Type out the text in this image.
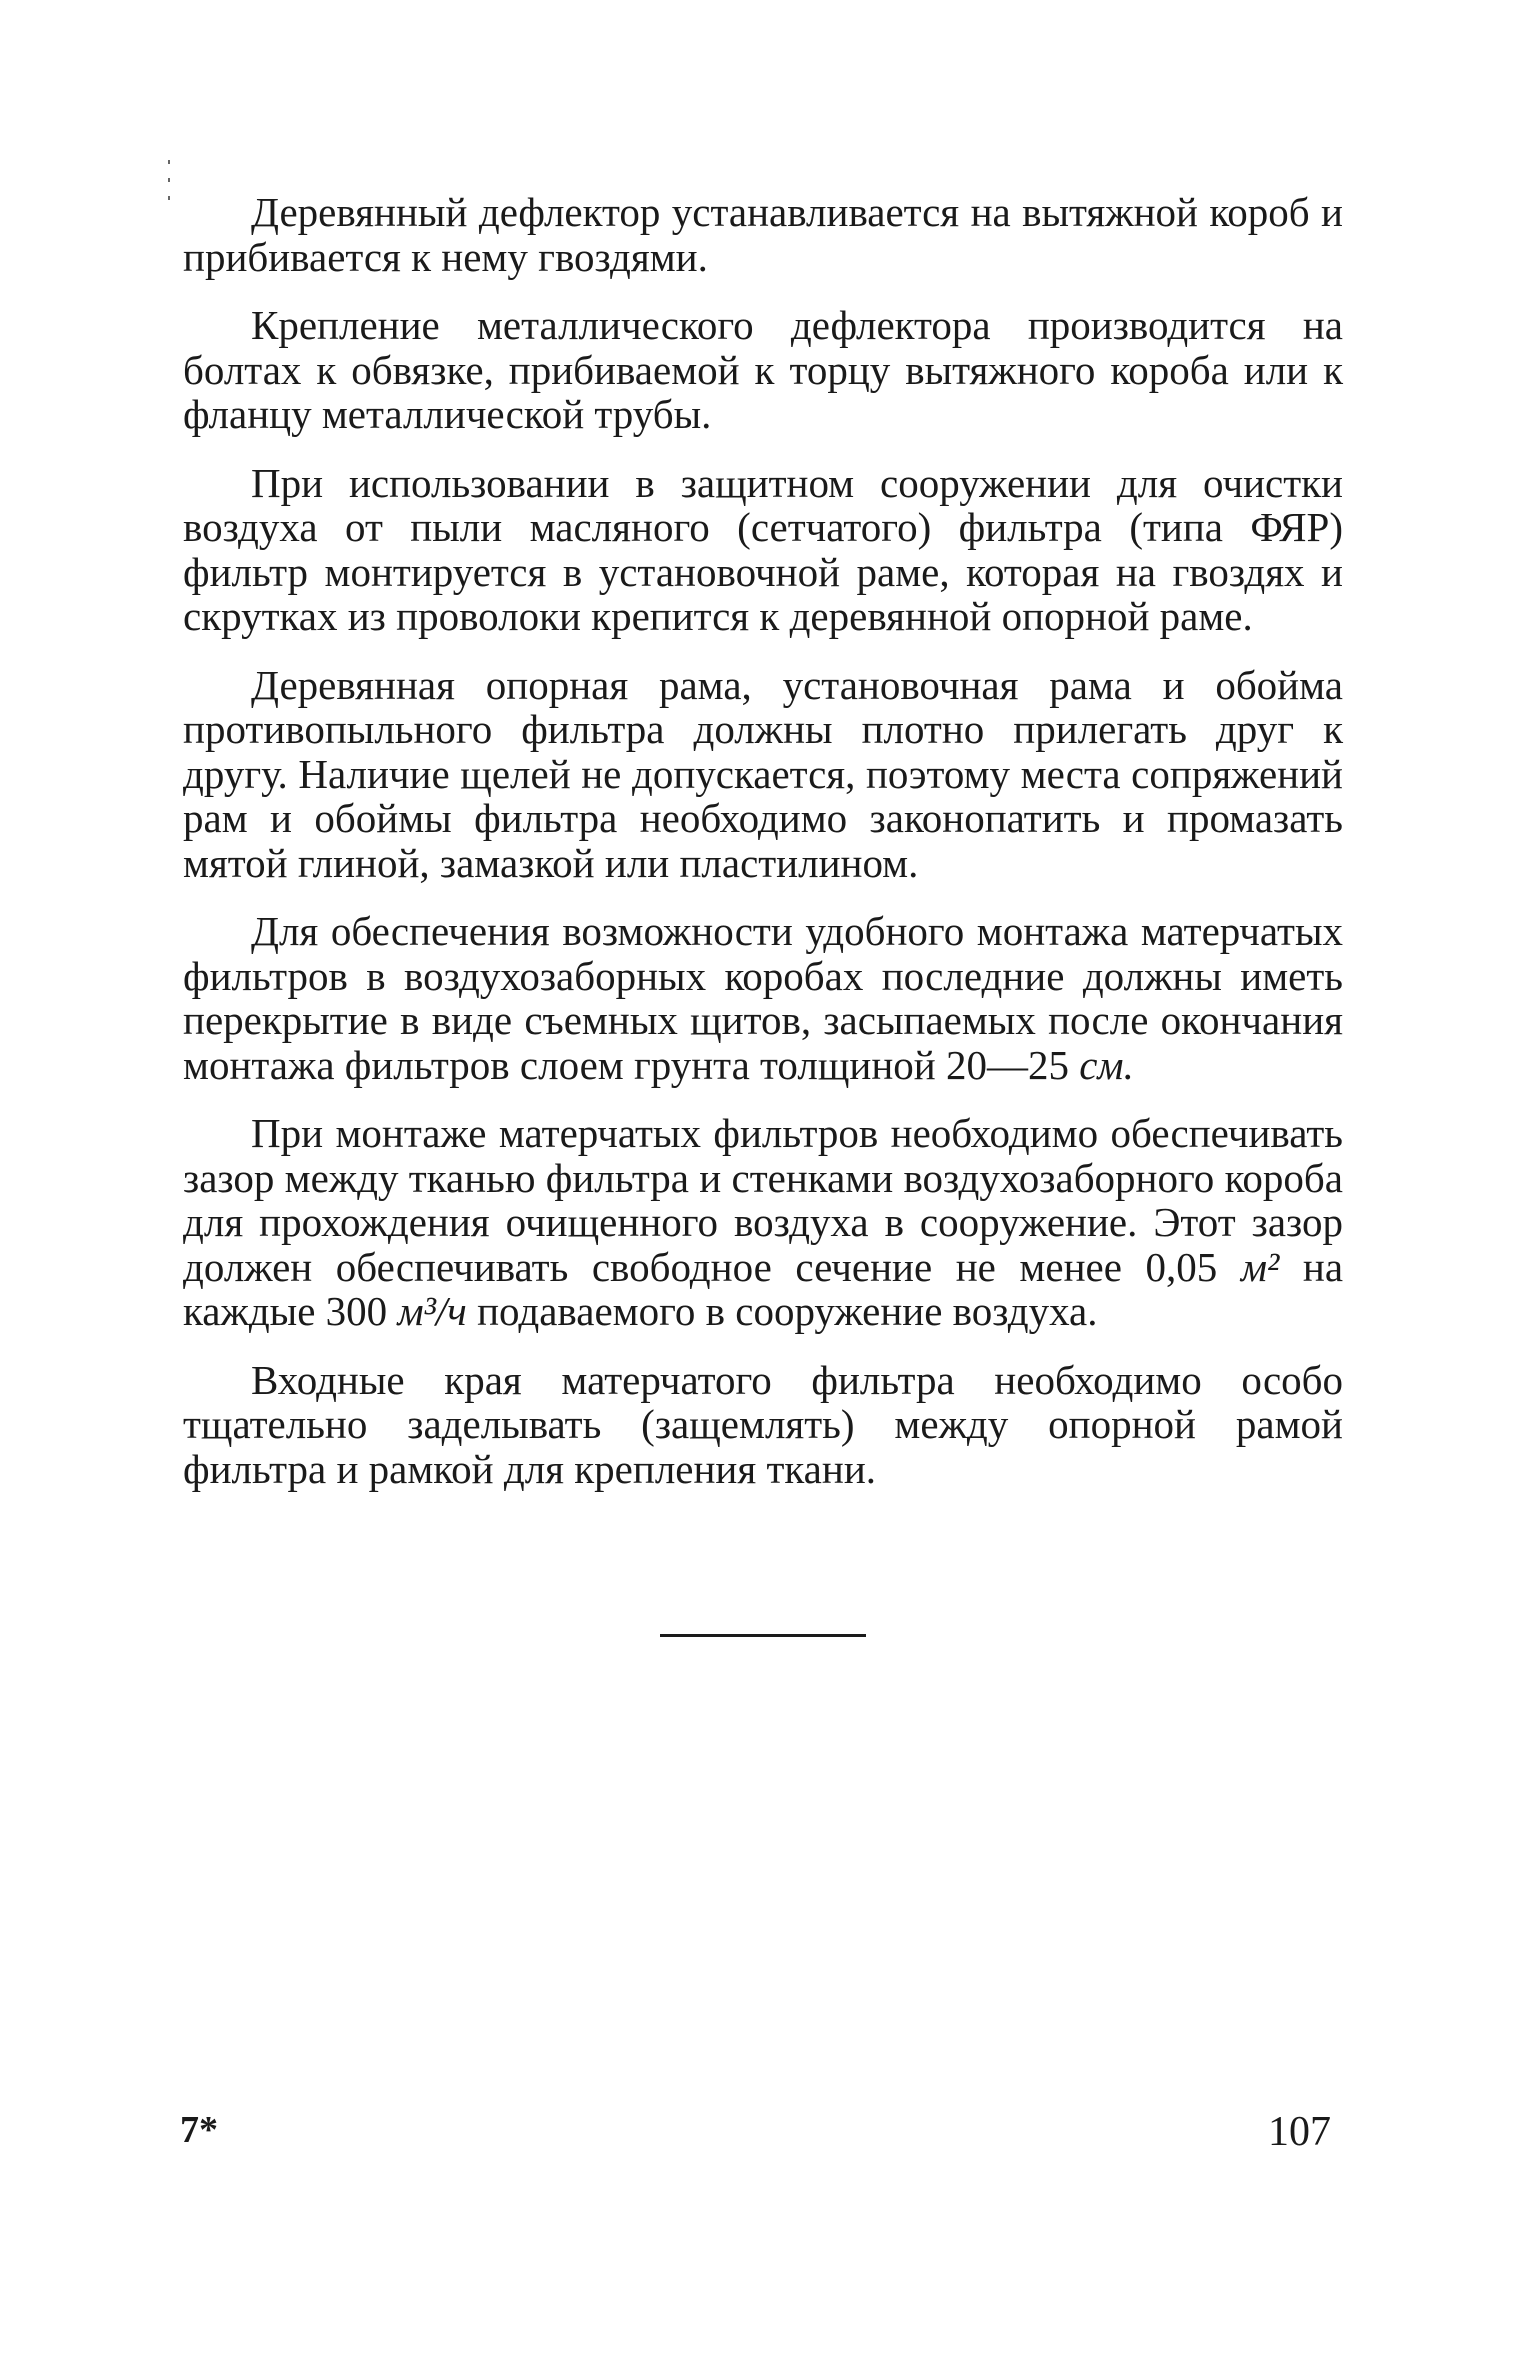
Деревянный дефлектор устанавливается на вытяжной короб и прибивается к нему гвоздями.

Крепление металлического дефлектора производится на болтах к обвязке, прибиваемой к торцу вытяжного короба или к фланцу металлической трубы.

При использовании в защитном сооружении для очистки воздуха от пыли масляного (сетчатого) фильтра (типа ФЯР) фильтр монтируется в установочной раме, которая на гвоздях и скрутках из проволоки крепится к деревянной опорной раме.

Деревянная опорная рама, установочная рама и обойма противопыльного фильтра должны плотно прилегать друг к другу. Наличие щелей не допускается, поэтому места сопряжений рам и обоймы фильтра необходимо законопатить и промазать мятой глиной, замазкой или пластилином.

Для обеспечения возможности удобного монтажа матерчатых фильтров в воздухозаборных коробах последние должны иметь перекрытие в виде съемных щитов, засыпаемых после окончания монтажа фильтров слоем грунта толщиной 20—25 см.

При монтаже матерчатых фильтров необходимо обеспечивать зазор между тканью фильтра и стенками воздухозаборного короба для прохождения очищенного воздуха в сооружение. Этот зазор должен обеспечивать свободное сечение не менее 0,05 м² на каждые 300 м³/ч подаваемого в сооружение воздуха.

Входные края матерчатого фильтра необходимо особо тщательно заделывать (защемлять) между опорной рамой фильтра и рамкой для крепления ткани.

7*	107
